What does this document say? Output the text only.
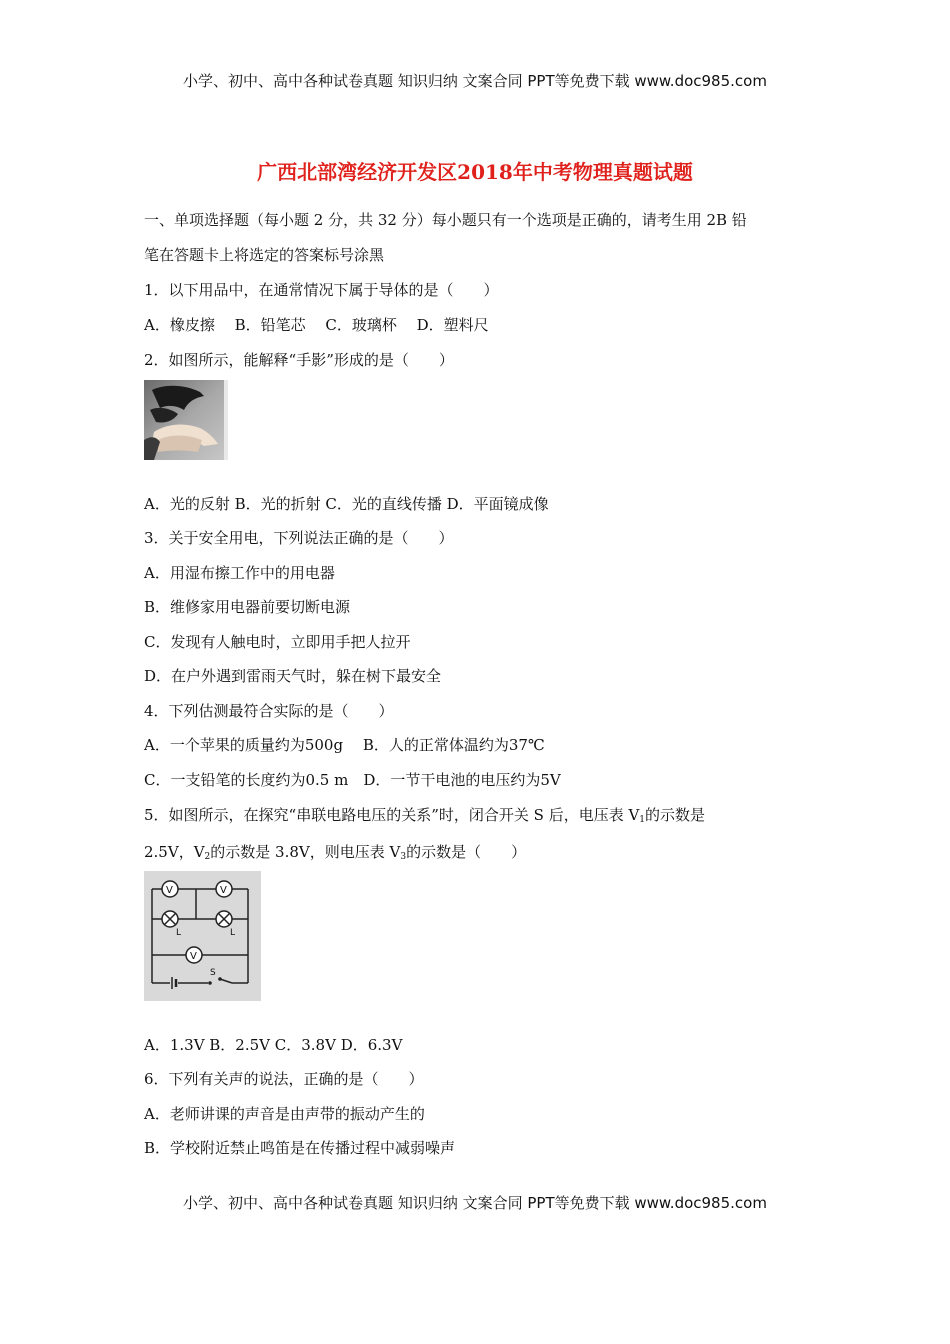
小学、初中、高中各种试卷真题 知识归纳 文案合同 PPT等免费下载 www.doc985.com
广西北部湾经济开发区2018年中考物理真题试题
一、单项选择题（每小题 2 分，共 32 分）每小题只有一个选项是正确的，请考生用 2B 铅
笔在答题卡上将选定的答案标号涂黑
1．以下用品中，在通常情况下属于导体的是（　　）
A．橡皮擦　 B．铅笔芯　 C．玻璃杯　 D．塑料尺
2．如图所示，能解释“手影”形成的是（　　）
A．光的反射 B．光的折射 C．光的直线传播 D．平面镜成像
3．关于安全用电，下列说法正确的是（　　）
A．用湿布擦工作中的用电器
B．维修家用电器前要切断电源
C．发现有人触电时，立即用手把人拉开
D．在户外遇到雷雨天气时，躲在树下最安全
4．下列估测最符合实际的是（　　）
A．一个苹果的质量约为500g　 B．人的正常体温约为37℃
C．一支铅笔的长度约为0.5 m　D．一节干电池的电压约为5V
5．如图所示，在探究“串联电路电压的关系”时，闭合开关 S 后，电压表 $V_1$的示数是
2.5V，$V_2$的示数是 3.8V，则电压表 $V_3$的示数是（　　）
V	V
L	L
V
S
A．1.3V B．2.5V C．3.8V D．6.3V
6．下列有关声的说法，正确的是（　　）
A．老师讲课的声音是由声带的振动产生的
B．学校附近禁止鸣笛是在传播过程中减弱噪声
小学、初中、高中各种试卷真题 知识归纳 文案合同 PPT等免费下载 www.doc985.com
